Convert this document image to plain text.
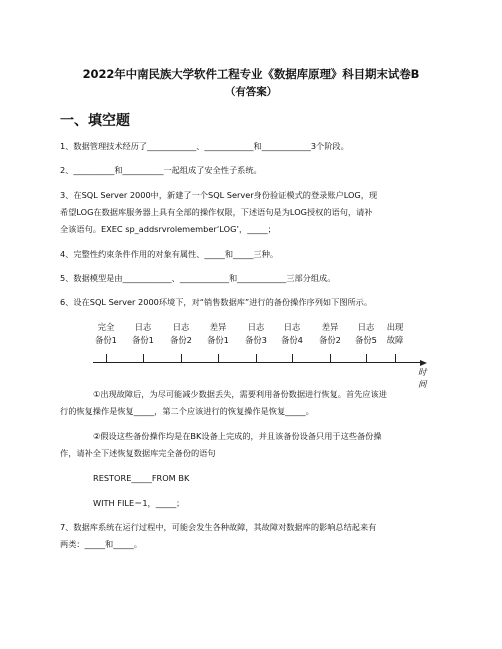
2022年中南民族大学软件工程专业《数据库原理》科目期末试卷B
（有答案）
一、填空题
1、数据管理技术经历了____________、____________和____________3个阶段。
2、__________和__________一起组成了安全性子系统。
3、在SQL Server 2000中，新建了一个SQL Server身份验证模式的登录账户LOG，现
希望LOG在数据库服务器上具有全部的操作权限，下述语句是为LOG授权的语句，请补
全该语句。EXEC sp_addsrvrolemember‘LOG’，_____；
4、完整性约束条件作用的对象有属性、_____和_____三种。
5、数据模型是由____________、____________和____________三部分组成。
6、设在SQL Server 2000环境下，对“销售数据库”进行的备份操作序列如下图所示。
时间
完全
备份1
日志
备份1
日志
备份2
差异
备份1
日志
备份3
日志
备份4
差异
备份2
日志
备份5
出现
故障
①出现故障后，为尽可能减少数据丢失，需要利用备份数据进行恢复。首先应该进
行的恢复操作是恢复_____，第二个应该进行的恢复操作是恢复_____。
②假设这些备份操作均是在BK设备上完成的，并且该备份设备只用于这些备份操
作，请补全下述恢复数据库完全备份的语句
RESTORE_____FROM BK
WITH FILE＝1，_____；
7、数据库系统在运行过程中，可能会发生各种故障，其故障对数据库的影响总结起来有
两类：_____和_____。
